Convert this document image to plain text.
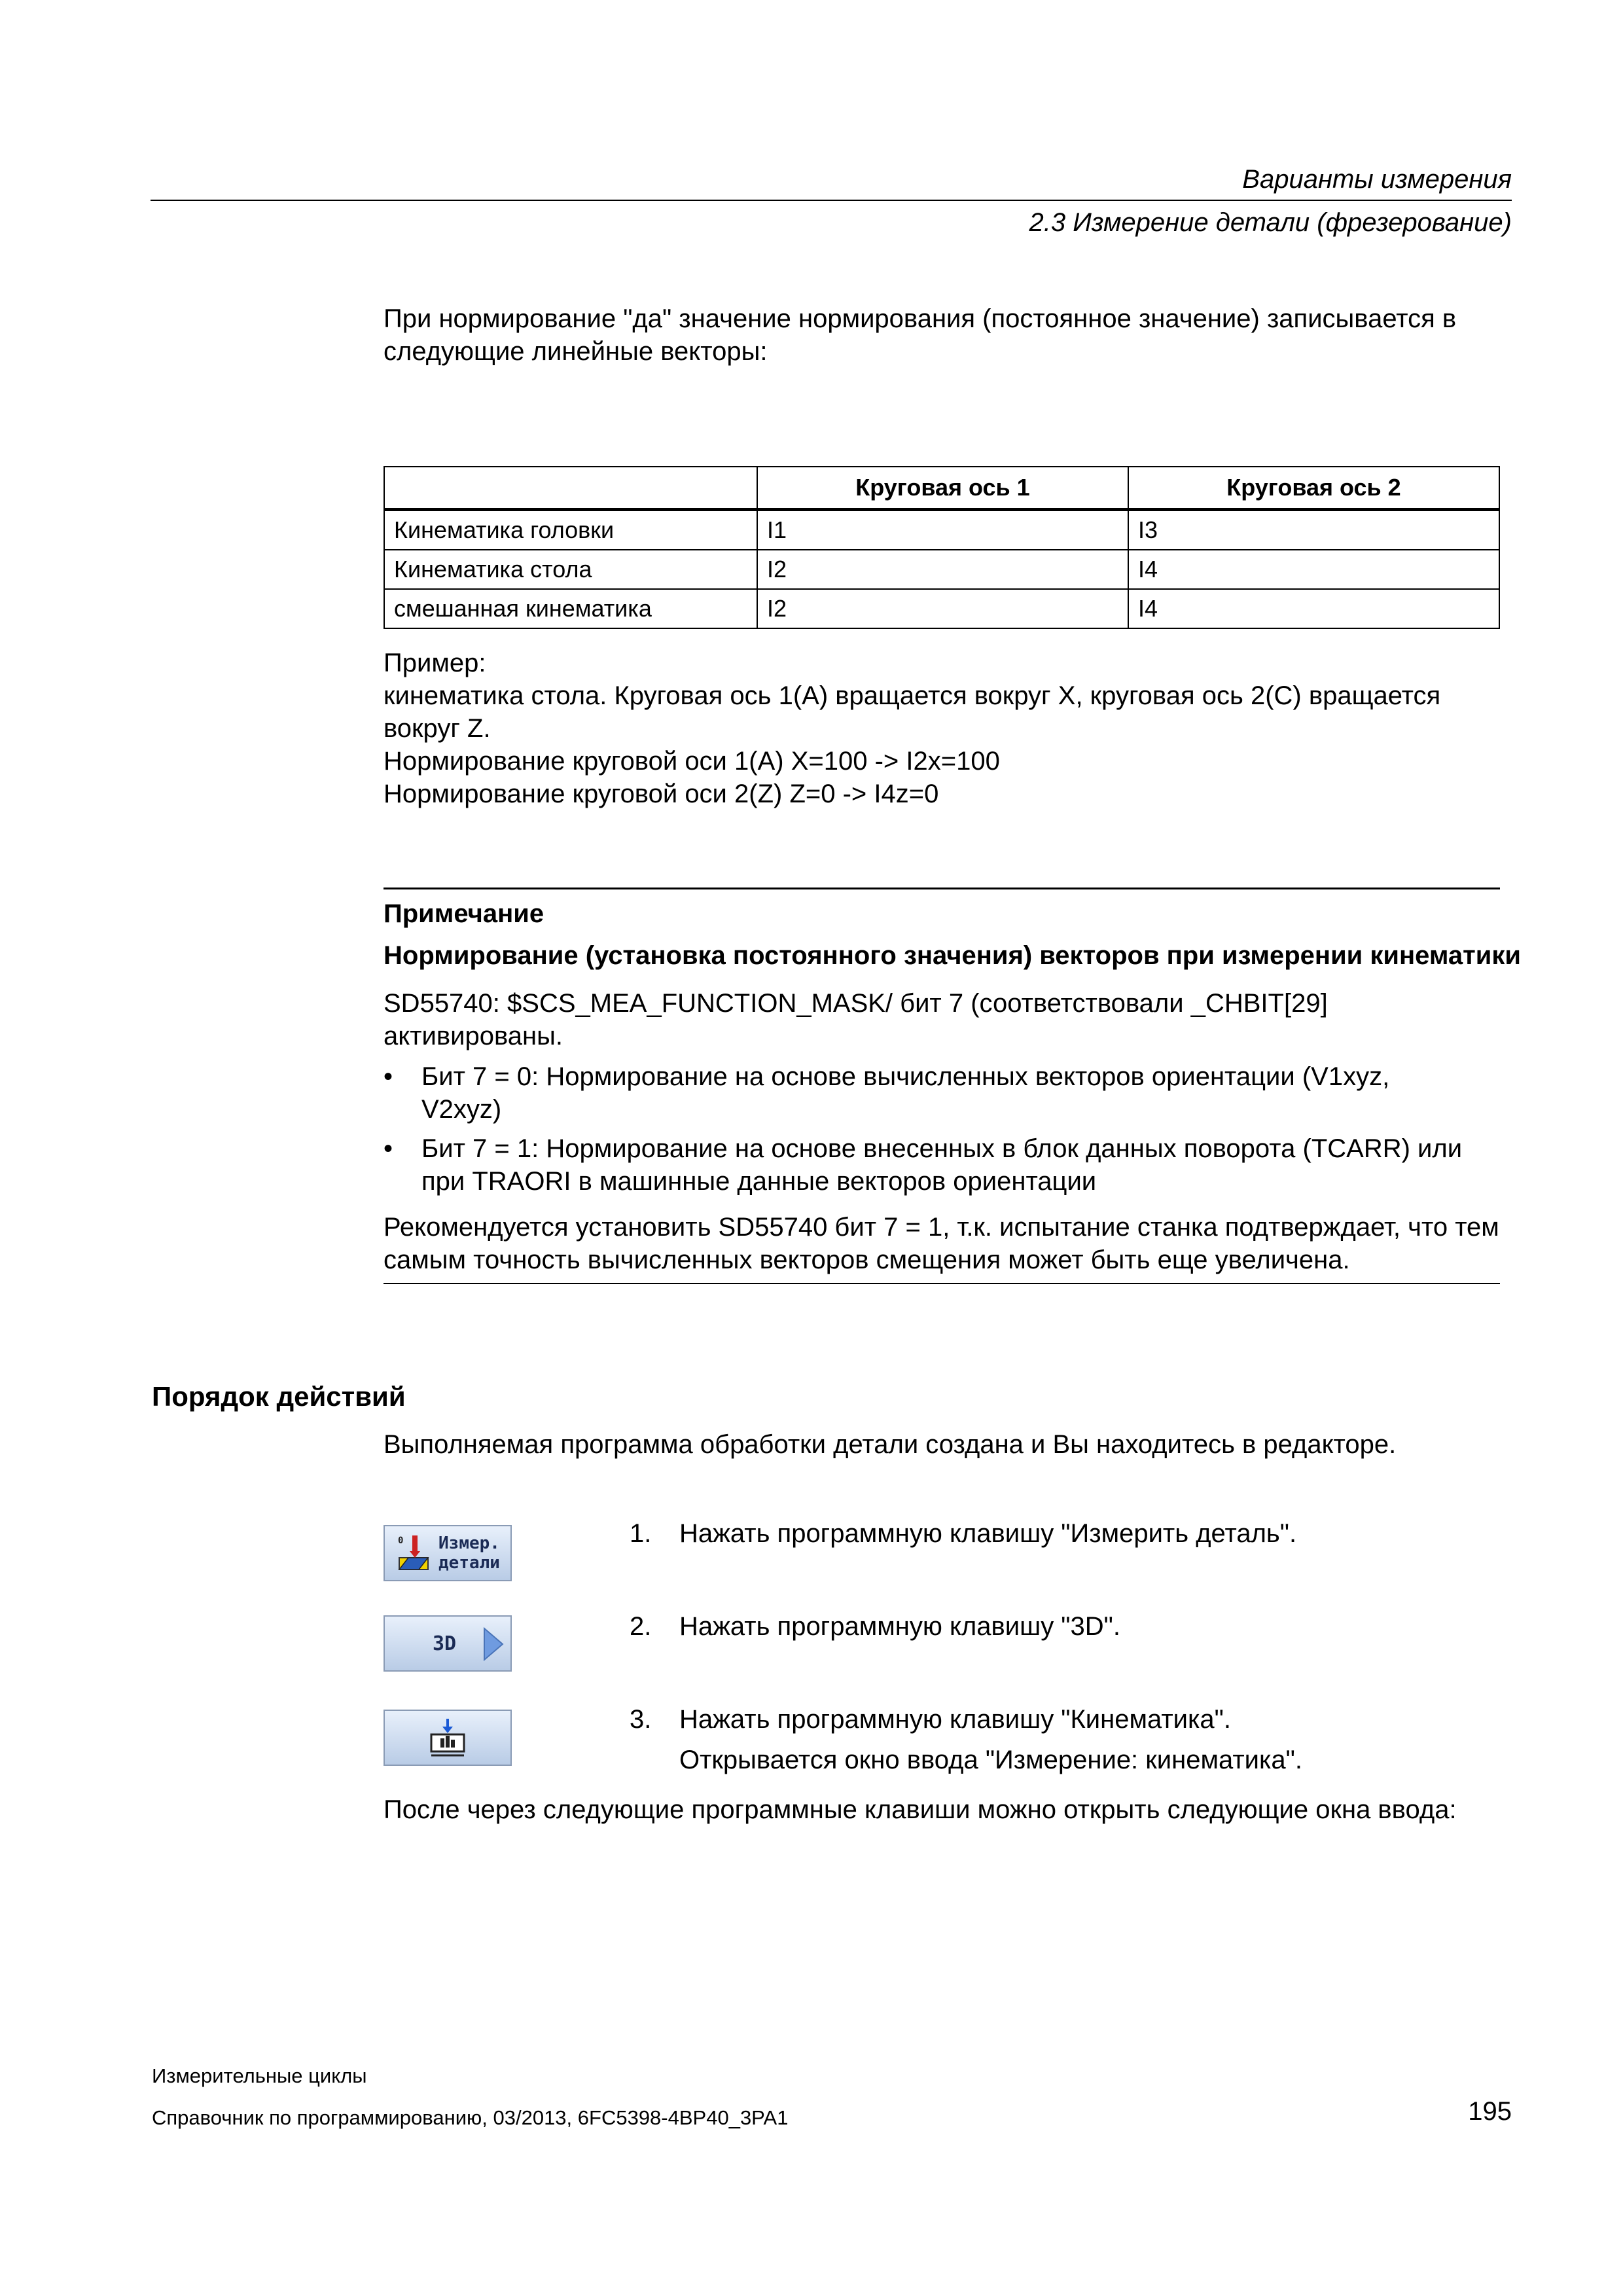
Варианты измерения
2.3 Измерение детали (фрезерование)
При нормирование "да" значение нормирования (постоянное значение) записывается в следующие линейные векторы:
	Круговая ось 1	Круговая ось 2
Кинематика головки	I1	I3
Кинематика стола	I2	I4
смешанная кинематика	I2	I4
Пример:
кинематика стола. Круговая ось 1(A) вращается вокруг X, круговая ось 2(C) вращается вокруг Z.
Нормирование круговой оси 1(A) X=100 -> I2x=100
Нормирование круговой оси 2(Z) Z=0 -> I4z=0
Примечание
Нормирование (установка постоянного значения) векторов при измерении кинематики
SD55740: $SCS_MEA_FUNCTION_MASK/ бит 7 (соответствовали _CHBIT[29] активированы.
•	Бит 7 = 0: Нормирование на основе вычисленных векторов ориентации (V1xyz, V2xyz)
•	Бит 7 = 1: Нормирование на основе внесенных в блок данных поворота (TCARR) или при TRAORI в машинные данные векторов ориентации
Рекомендуется установить SD55740 бит 7 = 1, т.к. испытание станка подтверждает, что тем самым точность вычисленных векторов смещения может быть еще увеличена.
Порядок действий
Выполняемая программа обработки детали создана и Вы находитесь в редакторе.
0 Измер.
детали
1. Нажать программную клавишу "Измерить деталь".
3D
2. Нажать программную клавишу "3D".
3. Нажать программную клавишу "Кинематика".
Открывается окно ввода "Измерение: кинематика".
После через следующие программные клавиши можно открыть следующие окна ввода:
Измерительные циклы
Справочник по программированию, 03/2013, 6FC5398-4BP40_3PA1	195
